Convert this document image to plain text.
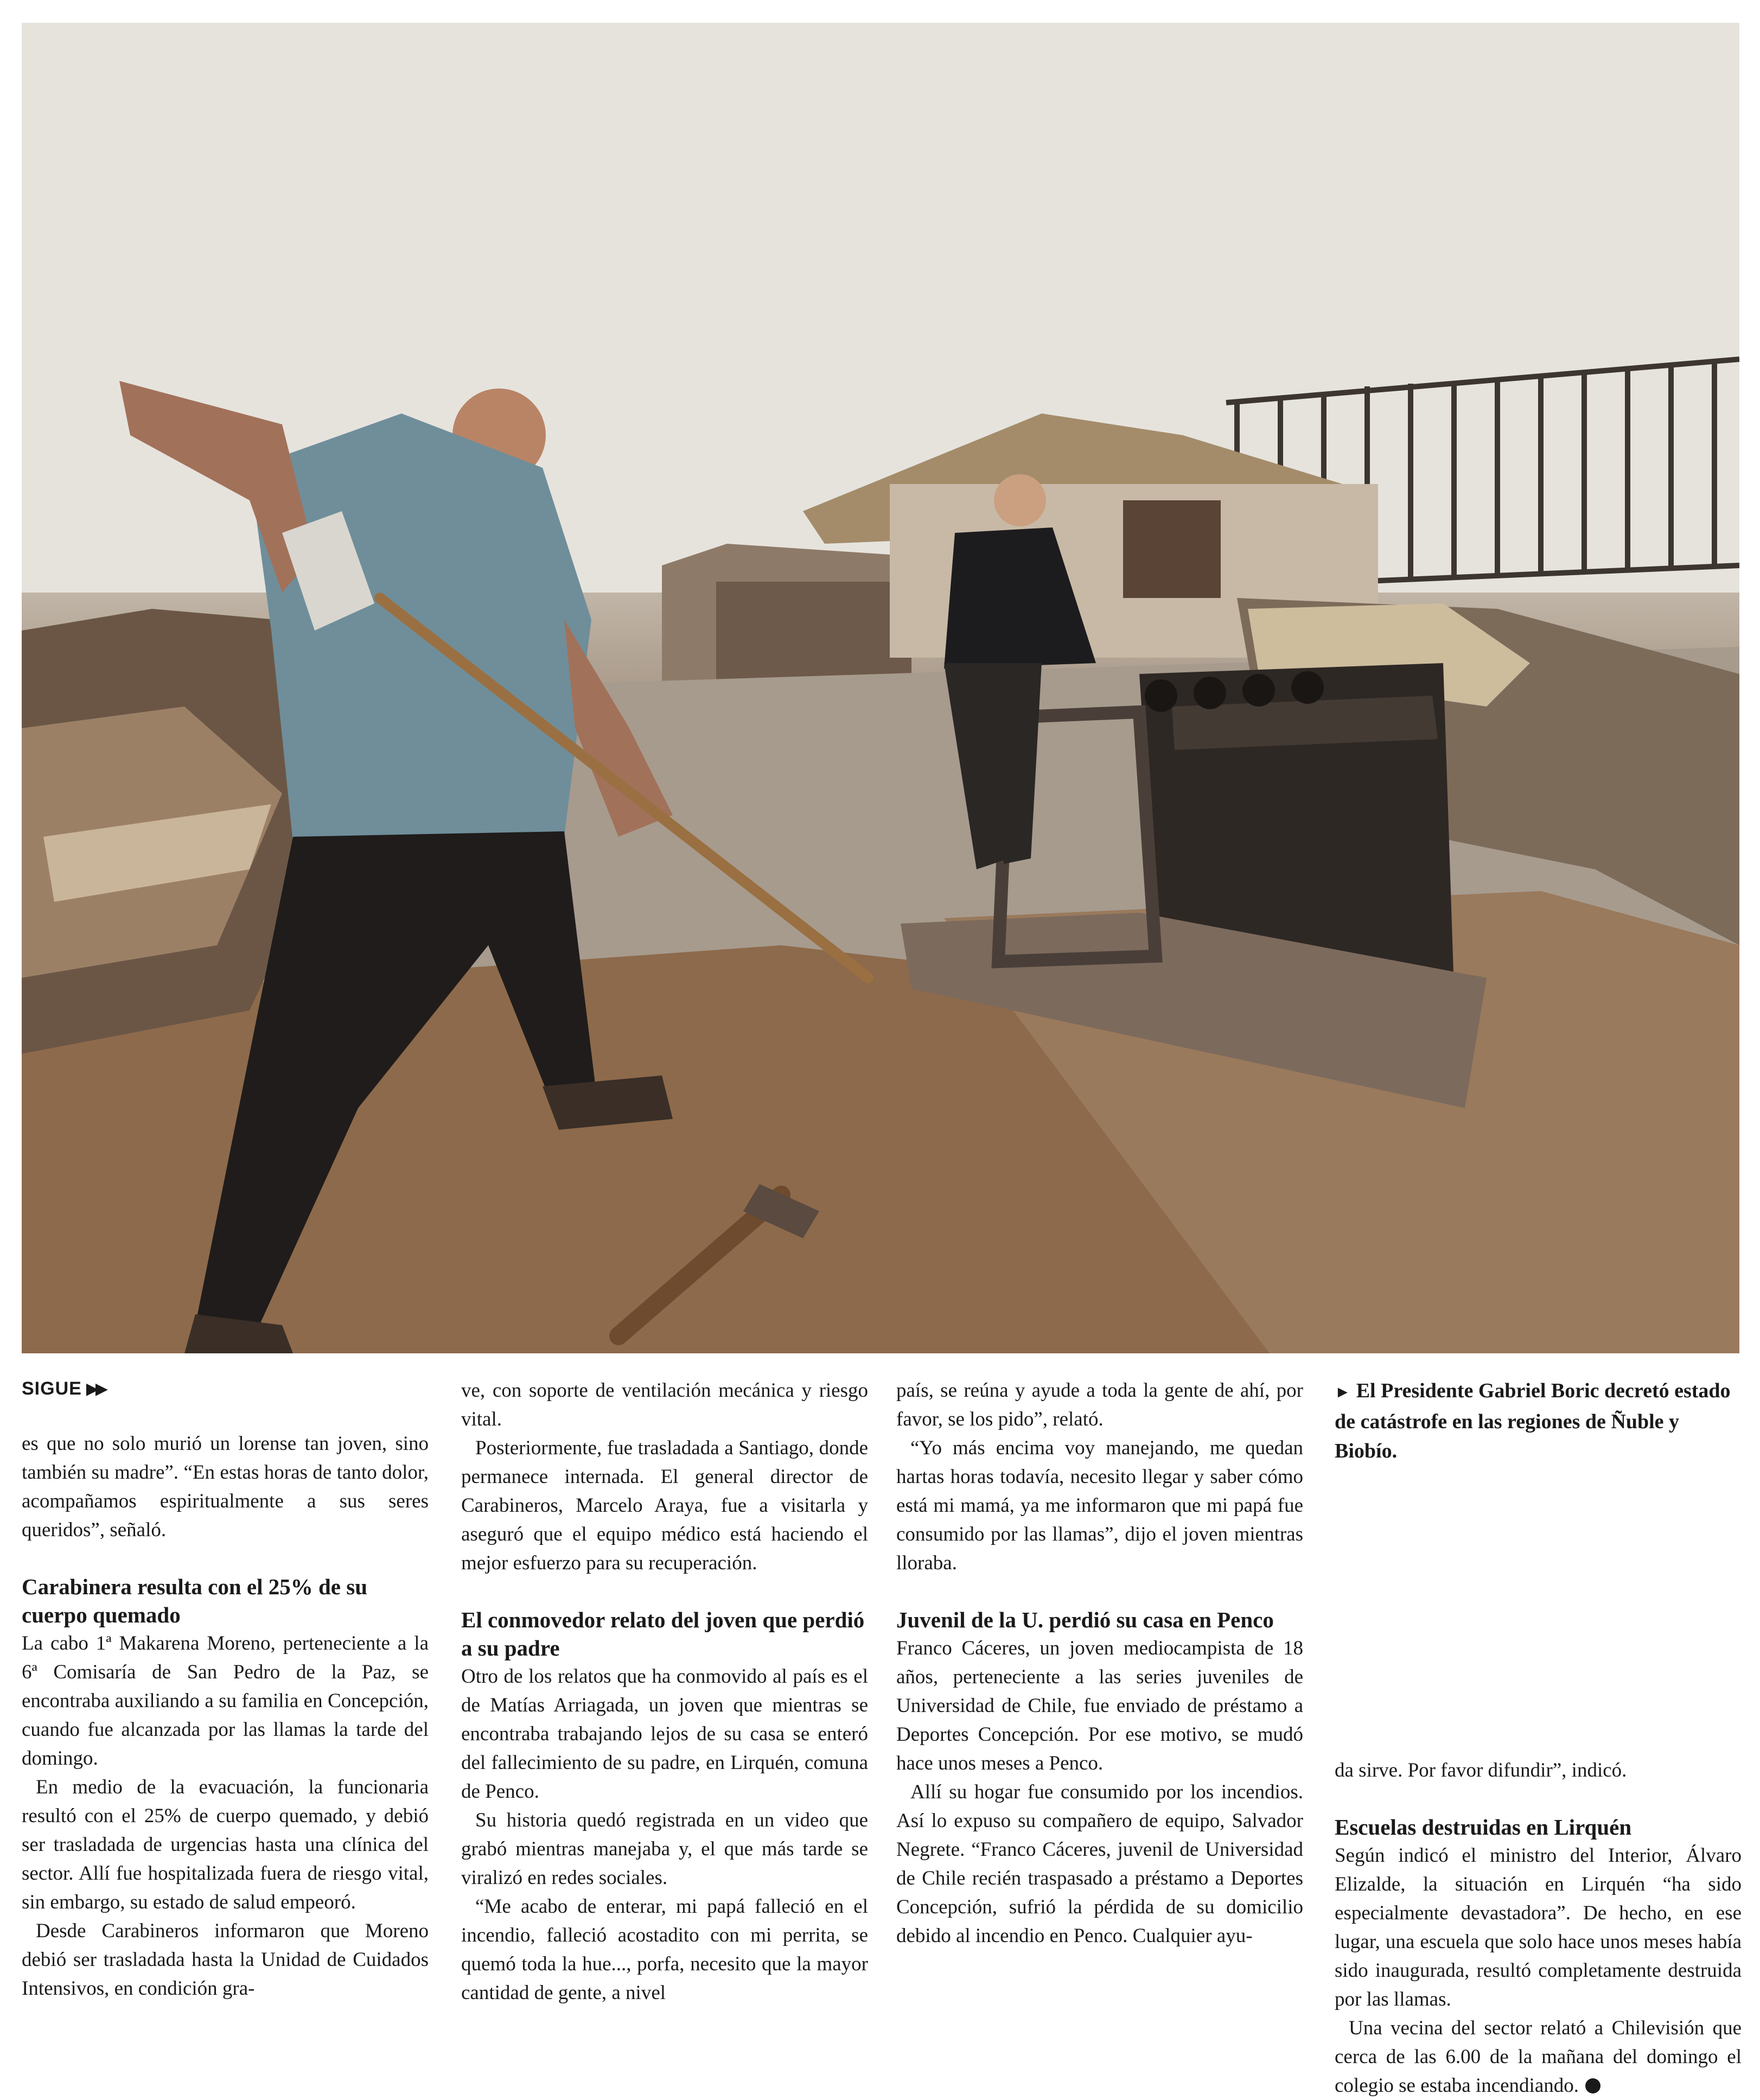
SIGUE ▶▶

es que no solo murió un lorense tan joven, sino también su madre”. “En estas horas de tanto dolor, acompañamos espiritualmente a sus seres queridos”, señaló.

Carabinera resulta con el 25% de su cuerpo quemado

La cabo 1ª Makarena Moreno, perteneciente a la 6ª Comisaría de San Pedro de la Paz, se encontraba auxiliando a su familia en Concepción, cuando fue alcanzada por las llamas la tarde del domingo.

En medio de la evacuación, la funcionaria resultó con el 25% de cuerpo quemado, y debió ser trasladada de urgencias hasta una clínica del sector. Allí fue hospitalizada fuera de riesgo vital, sin embargo, su estado de salud empeoró.

Desde Carabineros informaron que Moreno debió ser trasladada hasta la Unidad de Cuidados Intensivos, en condición gra-

ve, con soporte de ventilación mecánica y riesgo vital.

Posteriormente, fue trasladada a Santiago, donde permanece internada. El general director de Carabineros, Marcelo Araya, fue a visitarla y aseguró que el equipo médico está haciendo el mejor esfuerzo para su recuperación.

El conmovedor relato del joven que perdió a su padre

Otro de los relatos que ha conmovido al país es el de Matías Arriagada, un joven que mientras se encontraba trabajando lejos de su casa se enteró del fallecimiento de su padre, en Lirquén, comuna de Penco.

Su historia quedó registrada en un video que grabó mientras manejaba y, el que más tarde se viralizó en redes sociales.

“Me acabo de enterar, mi papá falleció en el incendio, falleció acostadito con mi perrita, se quemó toda la hue..., porfa, necesito que la mayor cantidad de gente, a nivel

país, se reúna y ayude a toda la gente de ahí, por favor, se los pido”, relató.

“Yo más encima voy manejando, me quedan hartas horas todavía, necesito llegar y saber cómo está mi mamá, ya me informaron que mi papá fue consumido por las llamas”, dijo el joven mientras lloraba.

Juvenil de la U. perdió su casa en Penco

Franco Cáceres, un joven mediocampista de 18 años, perteneciente a las series juveniles de Universidad de Chile, fue enviado de préstamo a Deportes Concepción. Por ese motivo, se mudó hace unos meses a Penco.

Allí su hogar fue consumido por los incendios. Así lo expuso su compañero de equipo, Salvador Negrete. “Franco Cáceres, juvenil de Universidad de Chile recién traspasado a préstamo a Deportes Concepción, sufrió la pérdida de su domicilio debido al incendio en Penco. Cualquier ayu-

► El Presidente Gabriel Boric decretó estado de catástrofe en las regiones de Ñuble y Biobío.

da sirve. Por favor difundir”, indicó.

Escuelas destruidas en Lirquén

Según indicó el ministro del Interior, Álvaro Elizalde, la situación en Lirquén “ha sido especialmente devastadora”. De hecho, en ese lugar, una escuela que solo hace unos meses había sido inaugurada, resultó completamente destruida por las llamas.

Una vecina del sector relató a Chilevisión que cerca de las 6.00 de la mañana del domingo el colegio se estaba incendiando.
